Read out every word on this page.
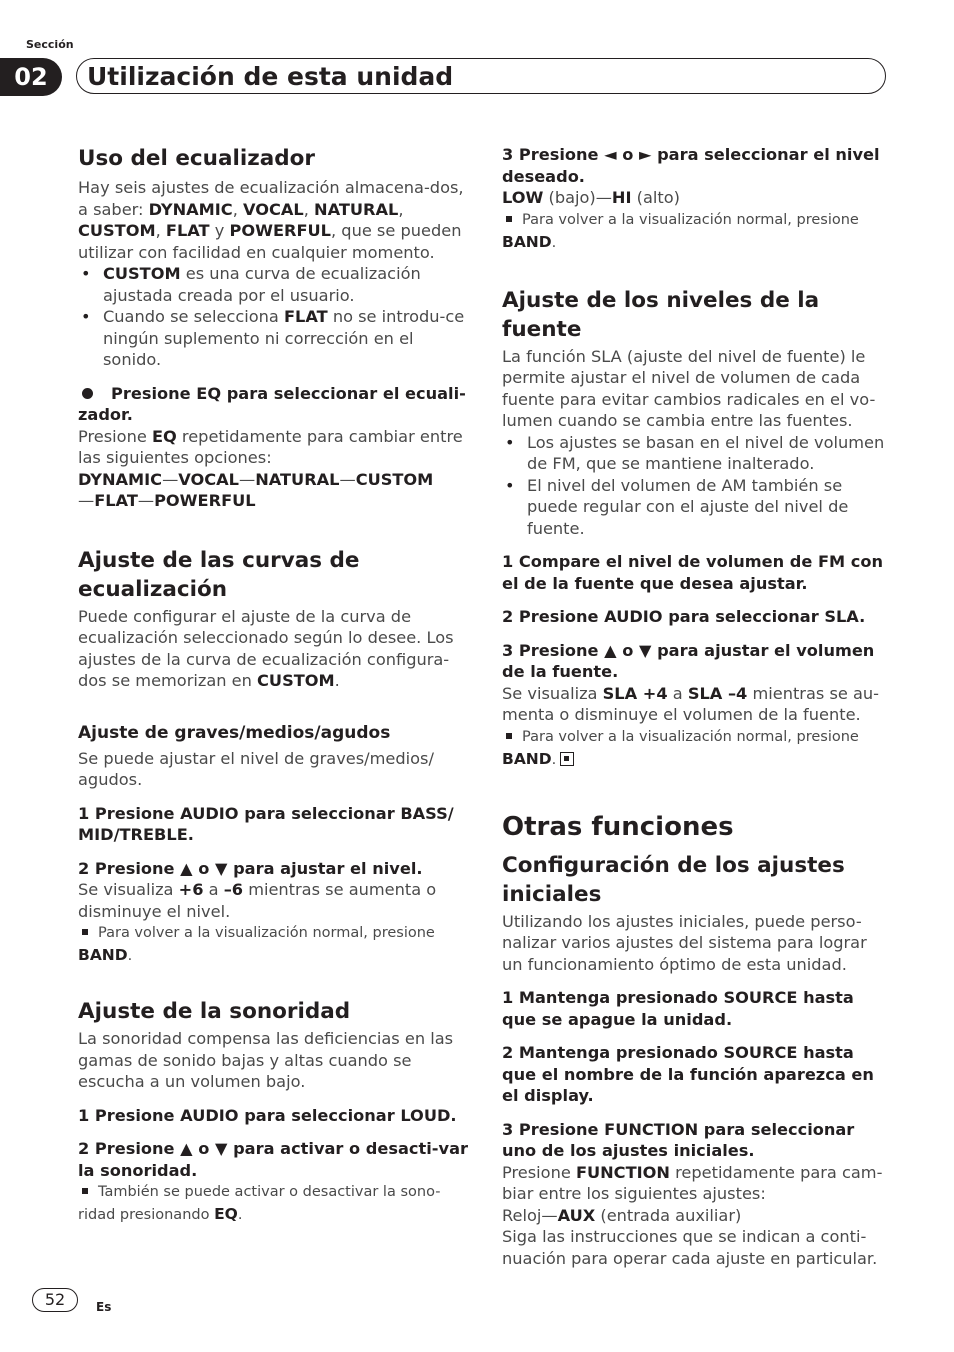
Sección
02	Utilización de esta unidad
Uso del ecualizador

Hay seis ajustes de ecualización almacena-dos, a saber: DYNAMIC, VOCAL, NATURAL, CUSTOM, FLAT y POWERFUL, que se pueden utilizar con facilidad en cualquier momento.

• CUSTOM es una curva de ecualización ajustada creada por el usuario.

• Cuando se selecciona FLAT no se introdu-ce ningún suplemento ni corrección en el sonido.

Presione EQ para seleccionar el ecuali-zador.

Presione EQ repetidamente para cambiar entre las siguientes opciones:

DYNAMIC—VOCAL—NATURAL—CUSTOM
—FLAT—POWERFUL

Ajuste de las curvas de ecualización

Puede configurar el ajuste de la curva de ecualización seleccionado según lo desee. Los ajustes de la curva de ecualización configura-dos se memorizan en CUSTOM.

Ajuste de graves/medios/agudos

Se puede ajustar el nivel de graves/medios/ agudos.

1 Presione AUDIO para seleccionar BASS/ MID/TREBLE.

2 Presione ▲ o ▼ para ajustar el nivel.

Se visualiza +6 a –6 mientras se aumenta o disminuye el nivel.

Para volver a la visualización normal, presione
BAND.

Ajuste de la sonoridad

La sonoridad compensa las deficiencias en las gamas de sonido bajas y altas cuando se escucha a un volumen bajo.

1 Presione AUDIO para seleccionar LOUD.

2 Presione ▲ o ▼ para activar o desacti-var la sonoridad.

También se puede activar o desactivar la sono-ridad presionando EQ.

3 Presione ◄ o ► para seleccionar el nivel deseado.

LOW (bajo)—HI (alto)

Para volver a la visualización normal, presione
BAND.

Ajuste de los niveles de la fuente

La función SLA (ajuste del nivel de fuente) le permite ajustar el nivel de volumen de cada fuente para evitar cambios radicales en el vo-lumen cuando se cambia entre las fuentes.

• Los ajustes se basan en el nivel de volumen de FM, que se mantiene inalterado.

• El nivel del volumen de AM también se puede regular con el ajuste del nivel de fuente.

1 Compare el nivel de volumen de FM con el de la fuente que desea ajustar.

2 Presione AUDIO para seleccionar SLA.

3 Presione ▲ o ▼ para ajustar el volumen de la fuente.

Se visualiza SLA +4 a SLA –4 mientras se au-menta o disminuye el volumen de la fuente.

Para volver a la visualización normal, presione
BAND.

Otras funciones
Configuración de los ajustes iniciales

Utilizando los ajustes iniciales, puede perso-nalizar varios ajustes del sistema para lograr un funcionamiento óptimo de esta unidad.

1 Mantenga presionado SOURCE hasta que se apague la unidad.

2 Mantenga presionado SOURCE hasta que el nombre de la función aparezca en el display.

3 Presione FUNCTION para seleccionar uno de los ajustes iniciales.

Presione FUNCTION repetidamente para cam-biar entre los siguientes ajustes:

Reloj—AUX (entrada auxiliar)

Siga las instrucciones que se indican a conti-nuación para operar cada ajuste en particular.

52	Es
